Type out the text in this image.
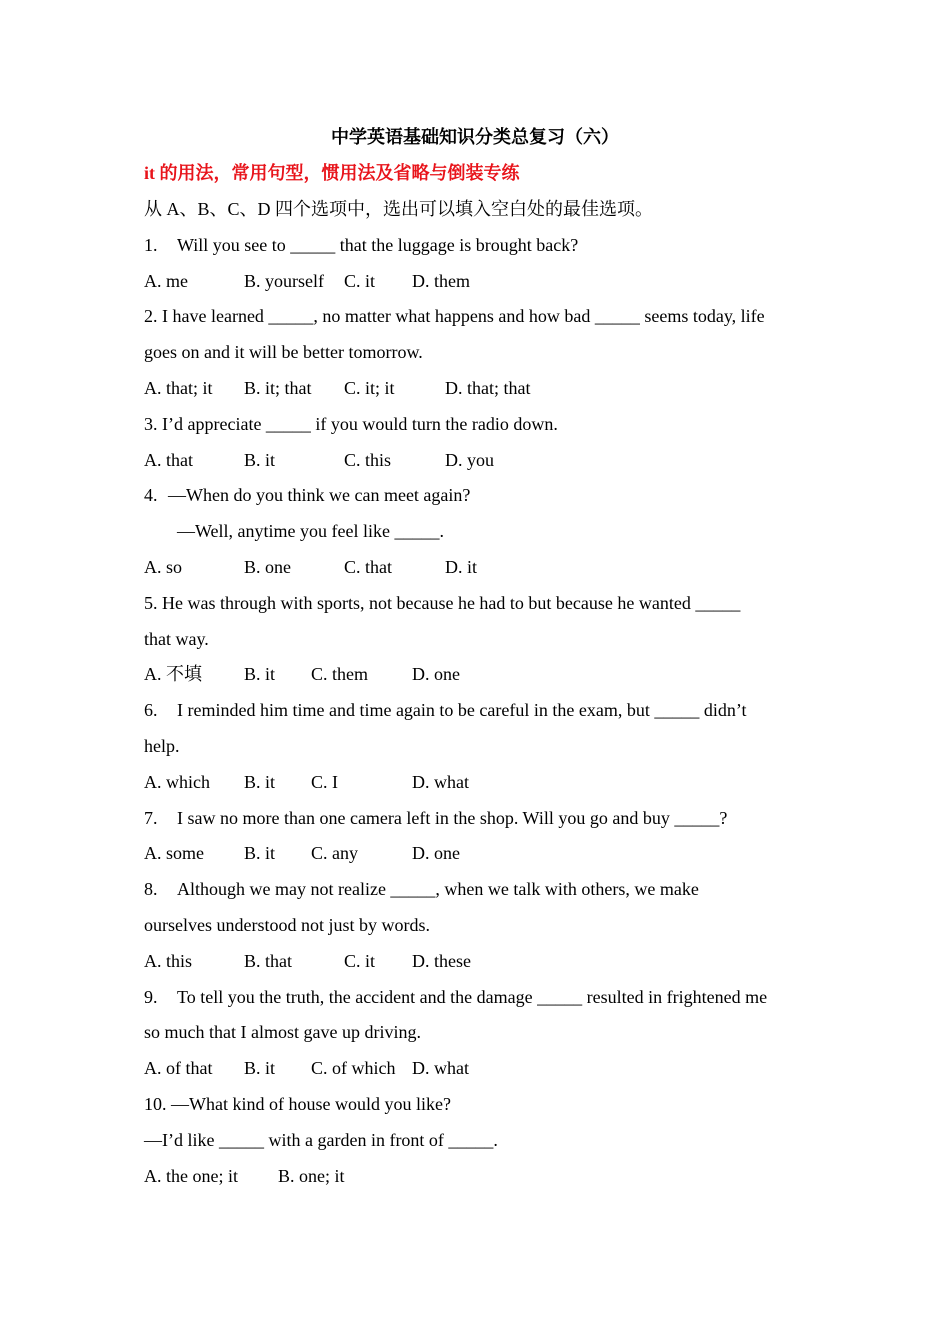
中学英语基础知识分类总复习（六）
it 的用法，常用句型，惯用法及省略与倒装专练
从 A、B、C、D 四个选项中，选出可以填入空白处的最佳选项。
1. Will you see to _____ that the luggage is brought back?
A. me	B. yourself C. it D. them
2. I have learned _____, no matter what happens and how bad _____ seems today, life
goes on and it will be better tomorrow.
A. that; it B. it; that C. it; it	D. that; that
3. I’d appreciate _____ if you would turn the radio down.
A. that	B. it	C. this	D. you
4. —When do you think we can meet again?
—Well, anytime you feel like _____.
A. so	B. one	C. that	D. it
5. He was through with sports, not because he had to but because he wanted _____
that way.
A. 不填 B. it C. them D. one
6. I reminded him time and time again to be careful in the exam, but _____ didn’t
help.
A. which B. it C. I	D. what
7. I saw no more than one camera left in the shop. Will you go and buy _____?
A. some B. it C. any	D. one
8. Although we may not realize _____, when we talk with others, we make
ourselves understood not just by words.
A. this	B. that	C. it D. these
9. To tell you the truth, the accident and the damage _____ resulted in frightened me
so much that I almost gave up driving.
A. of that B. it C. of which D. what
10. —What kind of house would you like?
—I’d like _____ with a garden in front of _____.
A. the one; it B. one; it
